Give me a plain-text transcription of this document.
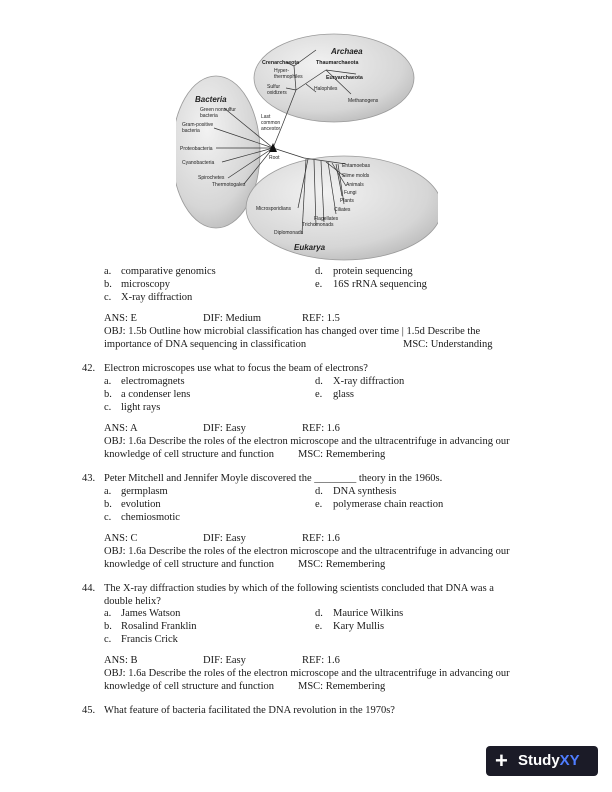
Archaea
Crenarchaeota	Thaumarchaeota
Hyper-
thermophiles	Euryarchaeota
Sulfur
oxidizers
Halophiles
Methanogens
Bacteria
Green nonsulfur
bacteria
Gram-positive
bacteria
Proteobacteria
Cyanobacteria
Spirochetes
Thermotogales
Last
common
ancestor
Root
Entamoebas
Slime molds
Animals
Fungi
Plants
Ciliates
Flagellates
Trichomonads
Microsporidians
Diplomonads
Eukarya
a. comparative genomics
b. microscopy
c. X-ray diffraction
d. protein sequencing
e. 16S rRNA sequencing
ANS: E	DIF: Medium	REF: 1.5
OBJ: 1.5b Outline how microbial classification has changed over time | 1.5d Describe the
importance of DNA sequencing in classification	MSC: Understanding
42. Electron microscopes use what to focus the beam of electrons?
a. electromagnets
b. a condenser lens
c. light rays
d. X-ray diffraction
e. glass
ANS: A	DIF: Easy	REF: 1.6
OBJ: 1.6a Describe the roles of the electron microscope and the ultracentrifuge in advancing our
knowledge of cell structure and function MSC: Remembering
43. Peter Mitchell and Jennifer Moyle discovered the ________ theory in the 1960s.
a. germplasm
b. evolution
c. chemiosmotic
d. DNA synthesis
e. polymerase chain reaction
ANS: C	DIF: Easy	REF: 1.6
OBJ: 1.6a Describe the roles of the electron microscope and the ultracentrifuge in advancing our
knowledge of cell structure and function MSC: Remembering
44. The X-ray diffraction studies by which of the following scientists concluded that DNA was a
double helix?
a. James Watson
b. Rosalind Franklin
c. Francis Crick
d. Maurice Wilkins
e. Kary Mullis
ANS: B	DIF: Easy	REF: 1.6
OBJ: 1.6a Describe the roles of the electron microscope and the ultracentrifuge in advancing our
knowledge of cell structure and function MSC: Remembering
45. What feature of bacteria facilitated the DNA revolution in the 1970s?
+ StudyXY
